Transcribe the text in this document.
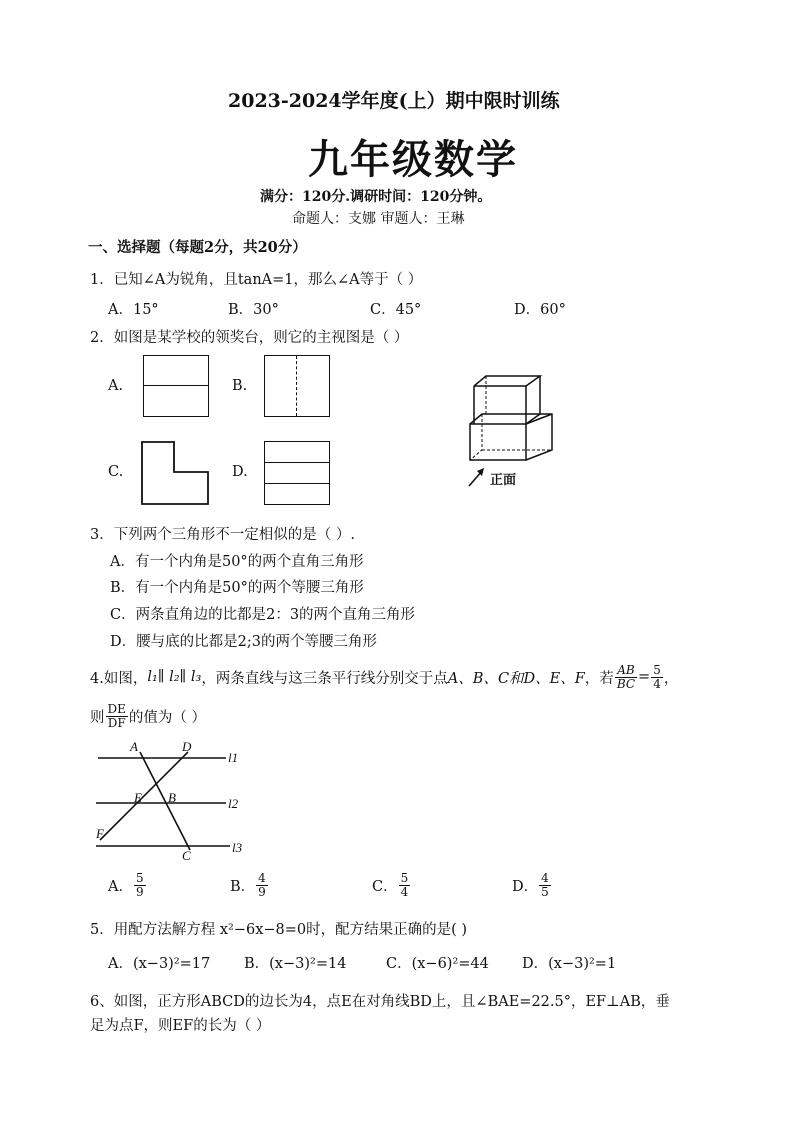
2023-2024学年度(上）期中限时训练
九年级数学
满分：120分.调研时间：120分钟。
命题人：支娜 审题人：王琳
一、选择题（每题2分，共20分）
1．已知∠A为锐角，且tanA=1，那么∠A等于（ ）
A．15°	B．30°	C．45°	D．60°
2．如图是某学校的领奖台，则它的主视图是（ ）
A.	B.
C.	D.
正面
3．下列两个三角形不一定相似的是（ ）.
A．有一个内角是50°的两个直角三角形
B．有一个内角是50°的两个等腰三角形
C．两条直角边的比都是2：3的两个直角三角形
D．腰与底的比都是2;3的两个等腰三角形
4.如图， l₁∥ l₂∥ l₃ ，两条直线与这三条平行线分别交于点 A、B、C和D、E、F ，若 $\frac{AB}{BC} = \frac{5}{4}$ ，
则 $\frac{DE}{DF}$ 的值为（ ）
A	D
E B
F
C
l1
l2
l3
A． $\frac{5}{9}$	B． $\frac{4}{9}$	C． $\frac{5}{4}$	D． $\frac{4}{5}$
5．用配方法解方程 x²−6x−8=0时，配方结果正确的是( )
A．(x−3)²=17 B．(x−3)²=14	C．(x−6)²=44 D．(x−3)²=1
6、如图，正方形ABCD的边长为4，点E在对角线BD上，且∠BAE=22.5°，EF⊥AB，垂
足为点F，则EF的长为（ ）
